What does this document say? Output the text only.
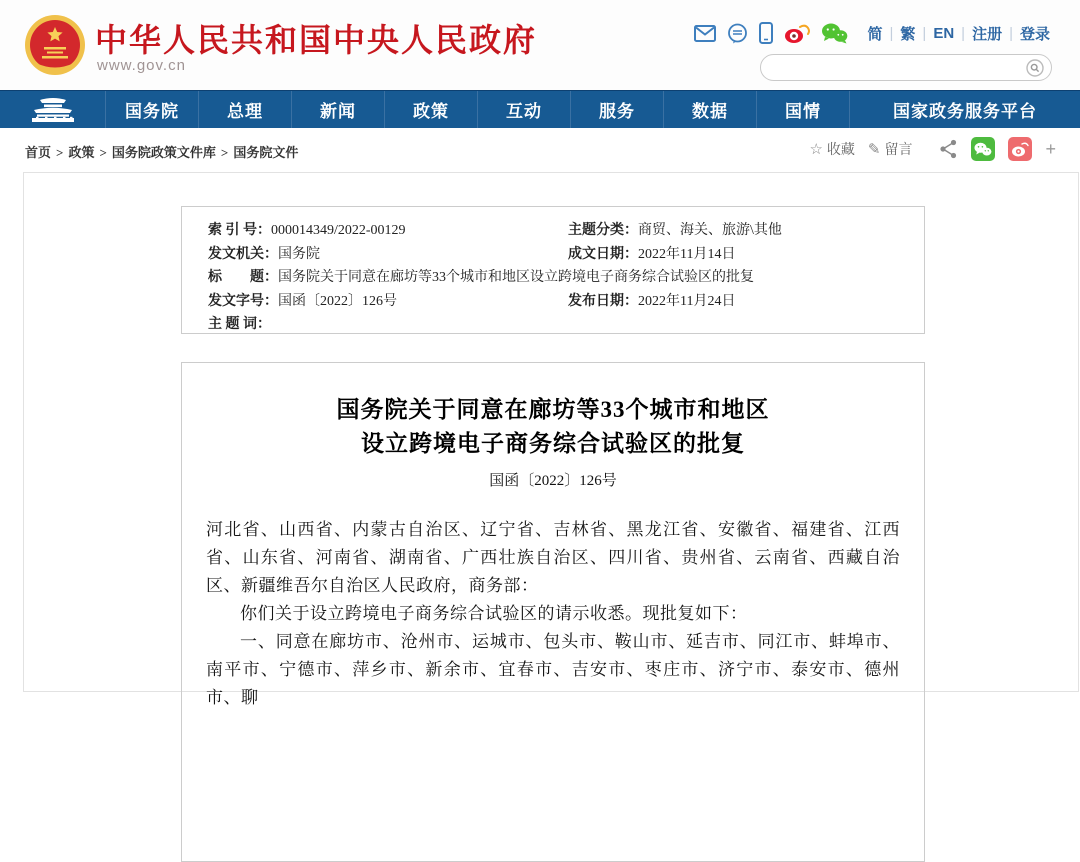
中华人民共和国中央人民政府
www.gov.cn
简 | 繁 | EN | 注册 | 登录
国务院	总理	新闻	政策	互动	服务	数据	国情	国家政务服务平台
首页 > 政策 > 国务院政策文件库 > 国务院文件	☆ 收藏 ✎ 留言	+
索 引 号： 000014349/2022-00129	主题分类： 商贸、海关、旅游\其他
发文机关： 国务院	成文日期： 2022年11月14日
标　　题： 国务院关于同意在廊坊等33个城市和地区设立跨境电子商务综合试验区的批复
发文字号： 国函〔2022〕126号	发布日期： 2022年11月24日
主 题 词：
国务院关于同意在廊坊等33个城市和地区
设立跨境电子商务综合试验区的批复
国函〔2022〕126号

河北省、山西省、内蒙古自治区、辽宁省、吉林省、黑龙江省、安徽省、福建省、江西省、山东省、河南省、湖南省、广西壮族自治区、四川省、贵州省、云南省、西藏自治区、新疆维吾尔自治区人民政府，商务部：

你们关于设立跨境电子商务综合试验区的请示收悉。现批复如下：

一、同意在廊坊市、沧州市、运城市、包头市、鞍山市、延吉市、同江市、蚌埠市、南平市、宁德市、萍乡市、新余市、宜春市、吉安市、枣庄市、济宁市、泰安市、德州市、聊
